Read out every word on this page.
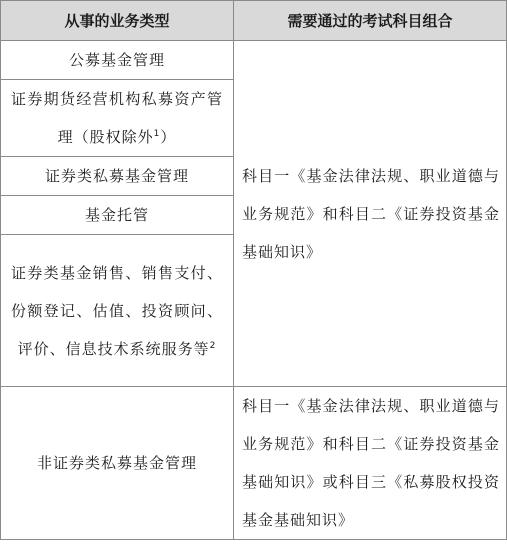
从事的业务类型	需要通过的考试科目组合
公募基金管理	科目一《基金法律法规、职业道德与业务规范》和科目二《证券投资基金基础知识》
证券期货经营机构私募资产管理（股权除外$^1$）	
证券类私募基金管理	
基金托管	
证券类基金销售、销售支付、份额登记、估值、投资顾问、评价、信息技术系统服务等$^2$
非证券类私募基金管理	科目一《基金法律法规、职业道德与业务规范》和科目二《证券投资基金基础知识》或科目三《私募股权投资基金基础知识》
